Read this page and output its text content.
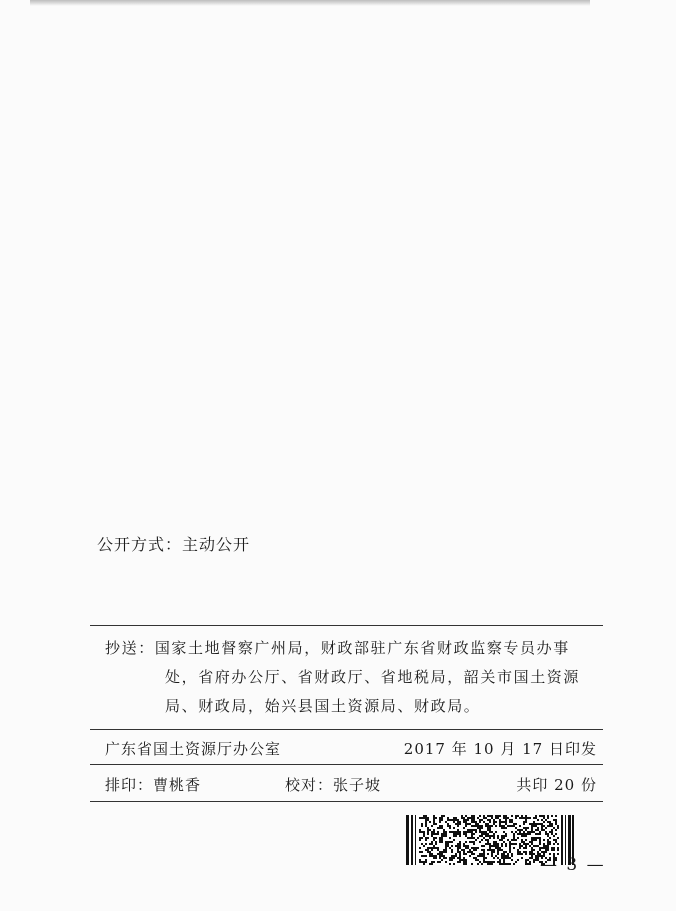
公开方式：主动公开

抄送：国家土地督察广州局，财政部驻广东省财政监察专员办事处，省府办公厅、省财政厅、省地税局，韶关市国土资源局、财政局，始兴县国土资源局、财政局。

广东省国土资源厅办公室	2017 年 10 月 17 日印发
排印：曹桃香	校对：张子坡	共印 20 份
— 3 —
